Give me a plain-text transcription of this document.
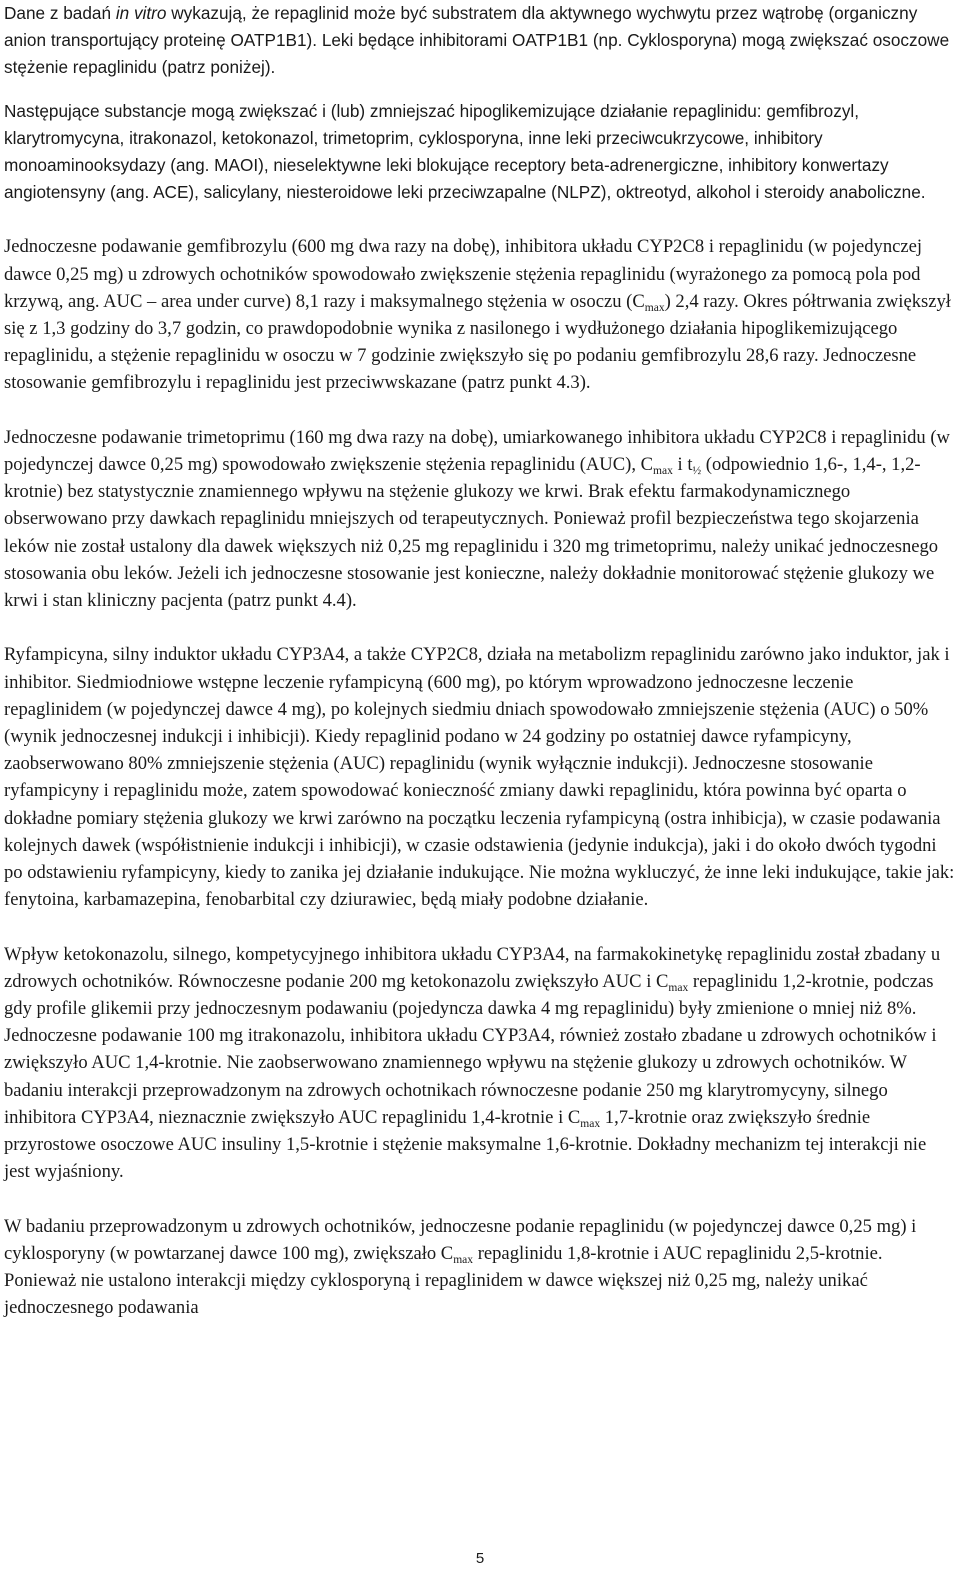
Dane z badań in vitro wykazują, że repaglinid może być substratem dla aktywnego wychwytu przez wątrobę (organiczny anion transportujący proteinę OATP1B1). Leki będące inhibitorami OATP1B1 (np. Cyklosporyna) mogą zwiększać osoczowe stężenie repaglinidu (patrz poniżej).

Następujące substancje mogą zwiększać i (lub) zmniejszać hipoglikemizujące działanie repaglinidu: gemfibrozyl, klarytromycyna, itrakonazol, ketokonazol, trimetoprim, cyklosporyna, inne leki przeciwcukrzycowe, inhibitory monoaminooksydazy (ang. MAOI), nieselektywne leki blokujące receptory beta-adrenergiczne, inhibitory konwertazy angiotensyny (ang. ACE), salicylany, niesteroidowe leki przeciwzapalne (NLPZ), oktreotyd, alkohol i steroidy anaboliczne.

Jednoczesne podawanie gemfibrozylu (600 mg dwa razy na dobę), inhibitora układu CYP2C8 i repaglinidu (w pojedynczej dawce 0,25 mg) u zdrowych ochotników spowodowało zwiększenie stężenia repaglinidu (wyrażonego za pomocą pola pod krzywą, ang. AUC – area under curve) 8,1 razy i maksymalnego stężenia w osoczu $(C_{max})$ 2,4 razy. Okres półtrwania zwiększył się z 1,3 godziny do 3,7 godzin, co prawdopodobnie wynika z nasilonego i wydłużonego działania hipoglikemizującego repaglinidu, a stężenie repaglinidu w osoczu w 7 godzinie zwiększyło się po podaniu gemfibrozylu 28,6 razy. Jednoczesne stosowanie gemfibrozylu i repaglinidu jest przeciwwskazane (patrz punkt 4.3).

Jednoczesne podawanie trimetoprimu (160 mg dwa razy na dobę), umiarkowanego inhibitora układu CYP2C8 i repaglinidu (w pojedynczej dawce 0,25 mg) spowodowało zwiększenie stężenia repaglinidu (AUC), $C_{max}$ i $t_{\frac{1}{2}}$ (odpowiednio 1,6-, 1,4-, 1,2-krotnie) bez statystycznie znamiennego wpływu na stężenie glukozy we krwi. Brak efektu farmakodynamicznego obserwowano przy dawkach repaglinidu mniejszych od terapeutycznych. Ponieważ profil bezpieczeństwa tego skojarzenia leków nie został ustalony dla dawek większych niż 0,25 mg repaglinidu i 320 mg trimetoprimu, należy unikać jednoczesnego stosowania obu leków. Jeżeli ich jednoczesne stosowanie jest konieczne, należy dokładnie monitorować stężenie glukozy we krwi i stan kliniczny pacjenta (patrz punkt 4.4).

Ryfampicyna, silny induktor układu CYP3A4, a także CYP2C8, działa na metabolizm repaglinidu zarówno jako induktor, jak i inhibitor. Siedmiodniowe wstępne leczenie ryfampicyną (600 mg), po którym wprowadzono jednoczesne leczenie repaglinidem (w pojedynczej dawce 4 mg), po kolejnych siedmiu dniach spowodowało zmniejszenie stężenia (AUC) o 50% (wynik jednoczesnej indukcji i inhibicji). Kiedy repaglinid podano w 24 godziny po ostatniej dawce ryfampicyny, zaobserwowano 80% zmniejszenie stężenia (AUC) repaglinidu (wynik wyłącznie indukcji). Jednoczesne stosowanie ryfampicyny i repaglinidu może, zatem spowodować konieczność zmiany dawki repaglinidu, która powinna być oparta o dokładne pomiary stężenia glukozy we krwi zarówno na początku leczenia ryfampicyną (ostra inhibicja), w czasie podawania kolejnych dawek (współistnienie indukcji i inhibicji), w czasie odstawienia (jedynie indukcja), jaki i do około dwóch tygodni po odstawieniu ryfampicyny, kiedy to zanika jej działanie indukujące. Nie można wykluczyć, że inne leki indukujące, takie jak: fenytoina, karbamazepina, fenobarbital czy dziurawiec, będą miały podobne działanie.

Wpływ ketokonazolu, silnego, kompetycyjnego inhibitora układu CYP3A4, na farmakokinetykę repaglinidu został zbadany u zdrowych ochotników. Równoczesne podanie 200 mg ketokonazolu zwiększyło AUC i $C_{max}$ repaglinidu 1,2-krotnie, podczas gdy profile glikemii przy jednoczesnym podawaniu (pojedyncza dawka 4 mg repaglinidu) były zmienione o mniej niż 8%. Jednoczesne podawanie 100 mg itrakonazolu, inhibitora układu CYP3A4, również zostało zbadane u zdrowych ochotników i zwiększyło AUC 1,4-krotnie. Nie zaobserwowano znamiennego wpływu na stężenie glukozy u zdrowych ochotników. W badaniu interakcji przeprowadzonym na zdrowych ochotnikach równoczesne podanie 250 mg klarytromycyny, silnego inhibitora CYP3A4, nieznacznie zwiększyło AUC repaglinidu 1,4-krotnie i $C_{max}$ 1,7-krotnie oraz zwiększyło średnie przyrostowe osoczowe AUC insuliny 1,5-krotnie i stężenie maksymalne 1,6-krotnie. Dokładny mechanizm tej interakcji nie jest wyjaśniony.

W badaniu przeprowadzonym u zdrowych ochotników, jednoczesne podanie repaglinidu (w pojedynczej dawce 0,25 mg) i cyklosporyny (w powtarzanej dawce 100 mg), zwiększało $C_{max}$ repaglinidu 1,8-krotnie i AUC repaglinidu 2,5-krotnie. Ponieważ nie ustalono interakcji między cyklosporyną i repaglinidem w dawce większej niż 0,25 mg, należy unikać jednoczesnego podawania

5
